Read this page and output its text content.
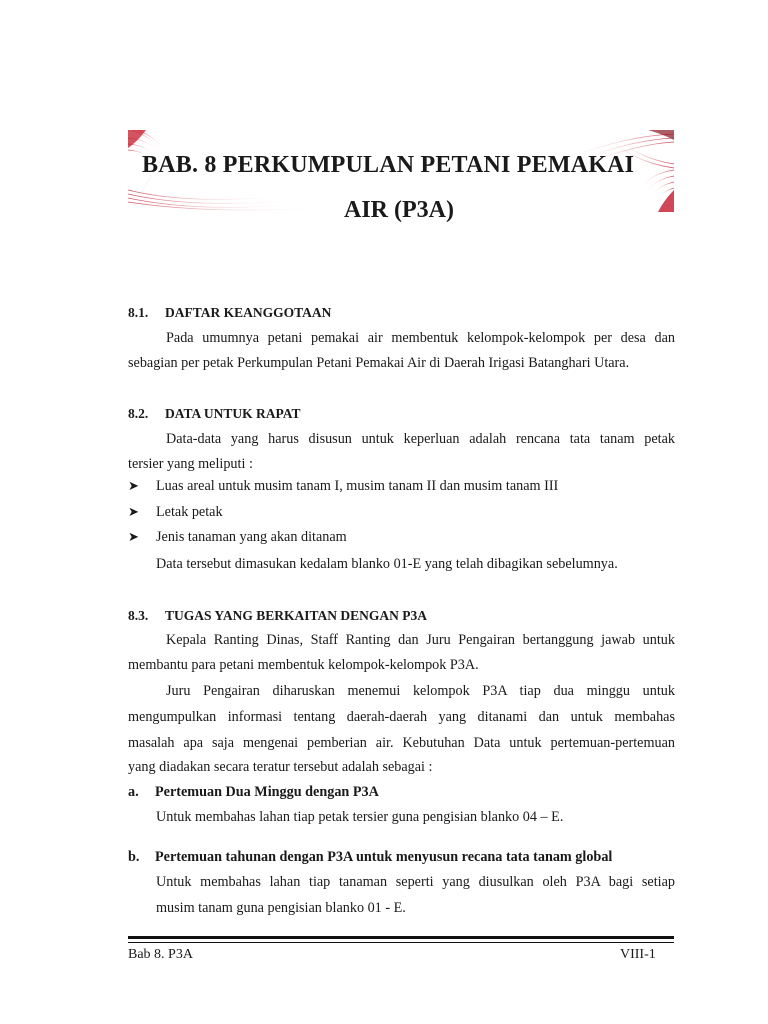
BAB. 8 PERKUMPULAN PETANI PEMAKAI
AIR (P3A)
8.1. DAFTAR KEANGGOTAAN
Pada umumnya petani pemakai air membentuk kelompok-kelompok per desa dan
sebagian per petak Perkumpulan Petani Pemakai Air di Daerah Irigasi Batanghari Utara.
8.2. DATA UNTUK RAPAT
Data-data yang harus disusun untuk keperluan adalah rencana tata tanam petak
tersier yang meliputi :
➤ Luas areal untuk musim tanam I, musim tanam II dan musim tanam III
➤ Letak petak
➤ Jenis tanaman yang akan ditanam
Data tersebut dimasukan kedalam blanko 01-E yang telah dibagikan sebelumnya.
8.3. TUGAS YANG BERKAITAN DENGAN P3A
Kepala Ranting Dinas, Staff Ranting dan Juru Pengairan bertanggung jawab untuk
membantu para petani membentuk kelompok-kelompok P3A.
Juru Pengairan diharuskan menemui kelompok P3A tiap dua minggu untuk
mengumpulkan informasi tentang daerah-daerah yang ditanami dan untuk membahas
masalah apa saja mengenai pemberian air. Kebutuhan Data untuk pertemuan-pertemuan
yang diadakan secara teratur tersebut adalah sebagai :
a. Pertemuan Dua Minggu dengan P3A
Untuk membahas lahan tiap petak tersier guna pengisian blanko 04 – E.
b. Pertemuan tahunan dengan P3A untuk menyusun recana tata tanam global
Untuk membahas lahan tiap tanaman seperti yang diusulkan oleh P3A bagi setiap
musim tanam guna pengisian blanko 01 - E.
Bab 8. P3A	VIII-1
